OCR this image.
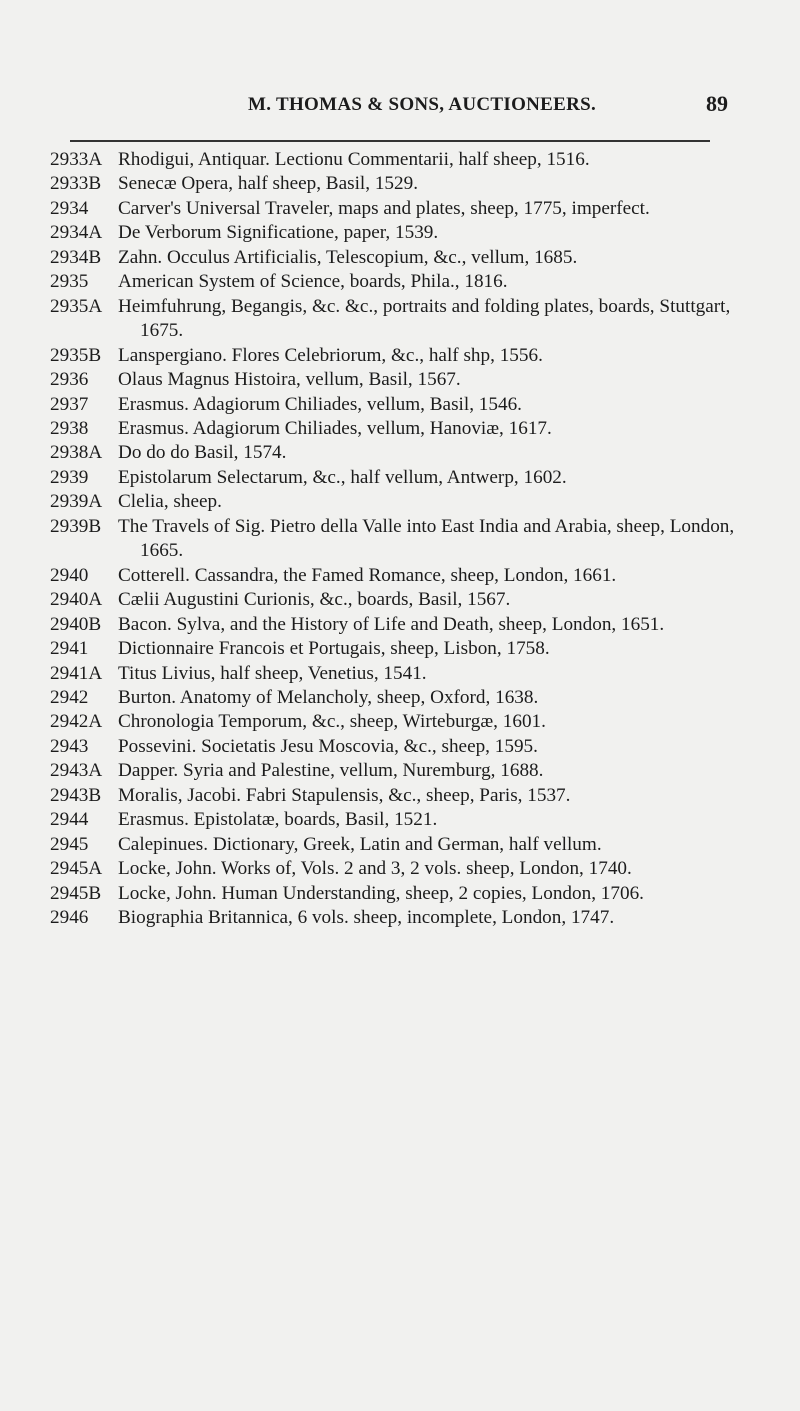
M. THOMAS & SONS, AUCTIONEERS.	89
2933A Rhodigui, Antiquar. Lectionu Commentarii, half sheep, 1516.
2933B Senecæ Opera, half sheep, Basil, 1529.
2934	Carver's Universal Traveler, maps and plates, sheep, 1775, imperfect.
2934A De Verborum Significatione, paper, 1539.
2934B Zahn. Occulus Artificialis, Telescopium, &c., vellum, 1685.
2935	American System of Science, boards, Phila., 1816.
2935A Heimfuhrung, Begangis, &c. &c., portraits and folding plates, boards, Stuttgart, 1675.
2935B Lanspergiano. Flores Celebriorum, &c., half shp, 1556.
2936	Olaus Magnus Histoira, vellum, Basil, 1567.
2937	Erasmus. Adagiorum Chiliades, vellum, Basil, 1546.
2938	Erasmus. Adagiorum Chiliades, vellum, Hanoviæ, 1617.
2938A Do do do Basil, 1574.
2939	Epistolarum Selectarum, &c., half vellum, Antwerp, 1602.
2939A Clelia, sheep.
2939B The Travels of Sig. Pietro della Valle into East India and Arabia, sheep, London, 1665.
2940	Cotterell. Cassandra, the Famed Romance, sheep, London, 1661.
2940A Cælii Augustini Curionis, &c., boards, Basil, 1567.
2940B Bacon. Sylva, and the History of Life and Death, sheep, London, 1651.
2941	Dictionnaire Francois et Portugais, sheep, Lisbon, 1758.
2941A Titus Livius, half sheep, Venetius, 1541.
2942	Burton. Anatomy of Melancholy, sheep, Oxford, 1638.
2942A Chronologia Temporum, &c., sheep, Wirteburgæ, 1601.
2943	Possevini. Societatis Jesu Moscovia, &c., sheep, 1595.
2943A Dapper. Syria and Palestine, vellum, Nuremburg, 1688.
2943B Moralis, Jacobi. Fabri Stapulensis, &c., sheep, Paris, 1537.
2944	Erasmus. Epistolatæ, boards, Basil, 1521.
2945	Calepinues. Dictionary, Greek, Latin and German, half vellum.
2945A Locke, John. Works of, Vols. 2 and 3, 2 vols. sheep, London, 1740.
2945B Locke, John. Human Understanding, sheep, 2 copies, London, 1706.
2946	Biographia Britannica, 6 vols. sheep, incomplete, London, 1747.
